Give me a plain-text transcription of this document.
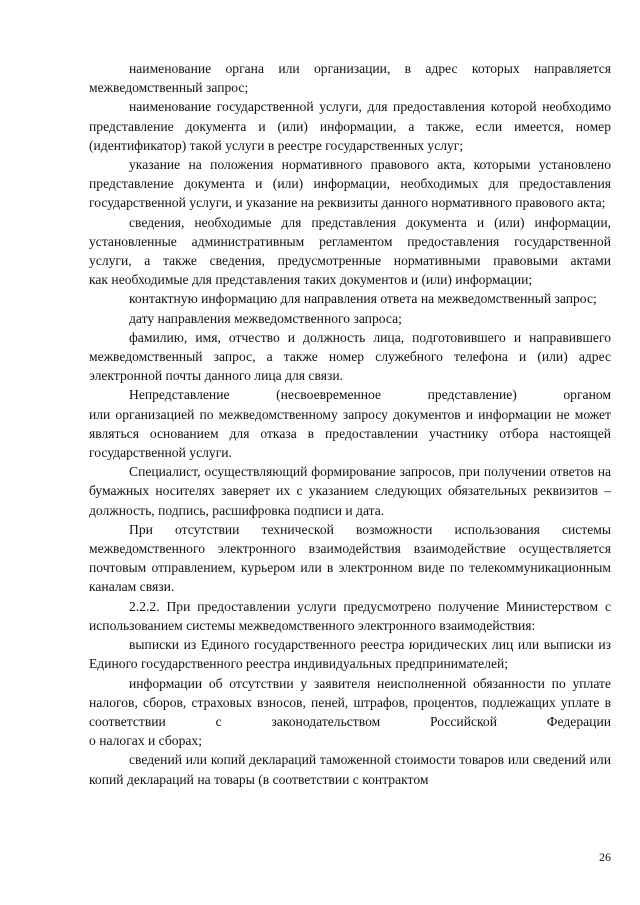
наименование органа или организации, в адрес которых направляется межведомственный запрос;

наименование государственной услуги, для предоставления которой необходимо представление документа и (или) информации, а также, если имеется, номер (идентификатор) такой услуги в реестре государственных услуг;

указание на положения нормативного правового акта, которыми установлено представление документа и (или) информации, необходимых для предоставления государственной услуги, и указание на реквизиты данного нормативного правового акта;

сведения, необходимые для представления документа и (или) информации, установленные административным регламентом предоставления государственной услуги, а также сведения, предусмотренные нормативными правовыми актами

как необходимые для представления таких документов и (или) информации;

контактную информацию для направления ответа на межведомственный запрос;

дату направления межведомственного запроса;

фамилию, имя, отчество и должность лица, подготовившего и направившего межведомственный запрос, а также номер служебного телефона и (или) адрес электронной почты данного лица для связи.

Непредставление (несвоевременное представление) органом

или организацией по межведомственному запросу документов и информации не может являться основанием для отказа в предоставлении участнику отбора настоящей государственной услуги.

Специалист, осуществляющий формирование запросов, при получении ответов на бумажных носителях заверяет их с указанием следующих обязательных реквизитов – должность, подпись, расшифровка подписи и дата.

При отсутствии технической возможности использования системы межведомственного электронного взаимодействия взаимодействие осуществляется почтовым отправлением, курьером или в электронном виде по телекоммуникационным каналам связи.

2.2.2. При предоставлении услуги предусмотрено получение Министерством с использованием системы межведомственного электронного взаимодействия:

выписки из Единого государственного реестра юридических лиц или выписки из Единого государственного реестра индивидуальных предпринимателей;

информации об отсутствии у заявителя неисполненной обязанности по уплате налогов, сборов, страховых взносов, пеней, штрафов, процентов, подлежащих уплате в соответствии с законодательством Российской Федерации

о налогах и сборах;

сведений или копий деклараций таможенной стоимости товаров или сведений или копий деклараций на товары (в соответствии с контрактом

26
